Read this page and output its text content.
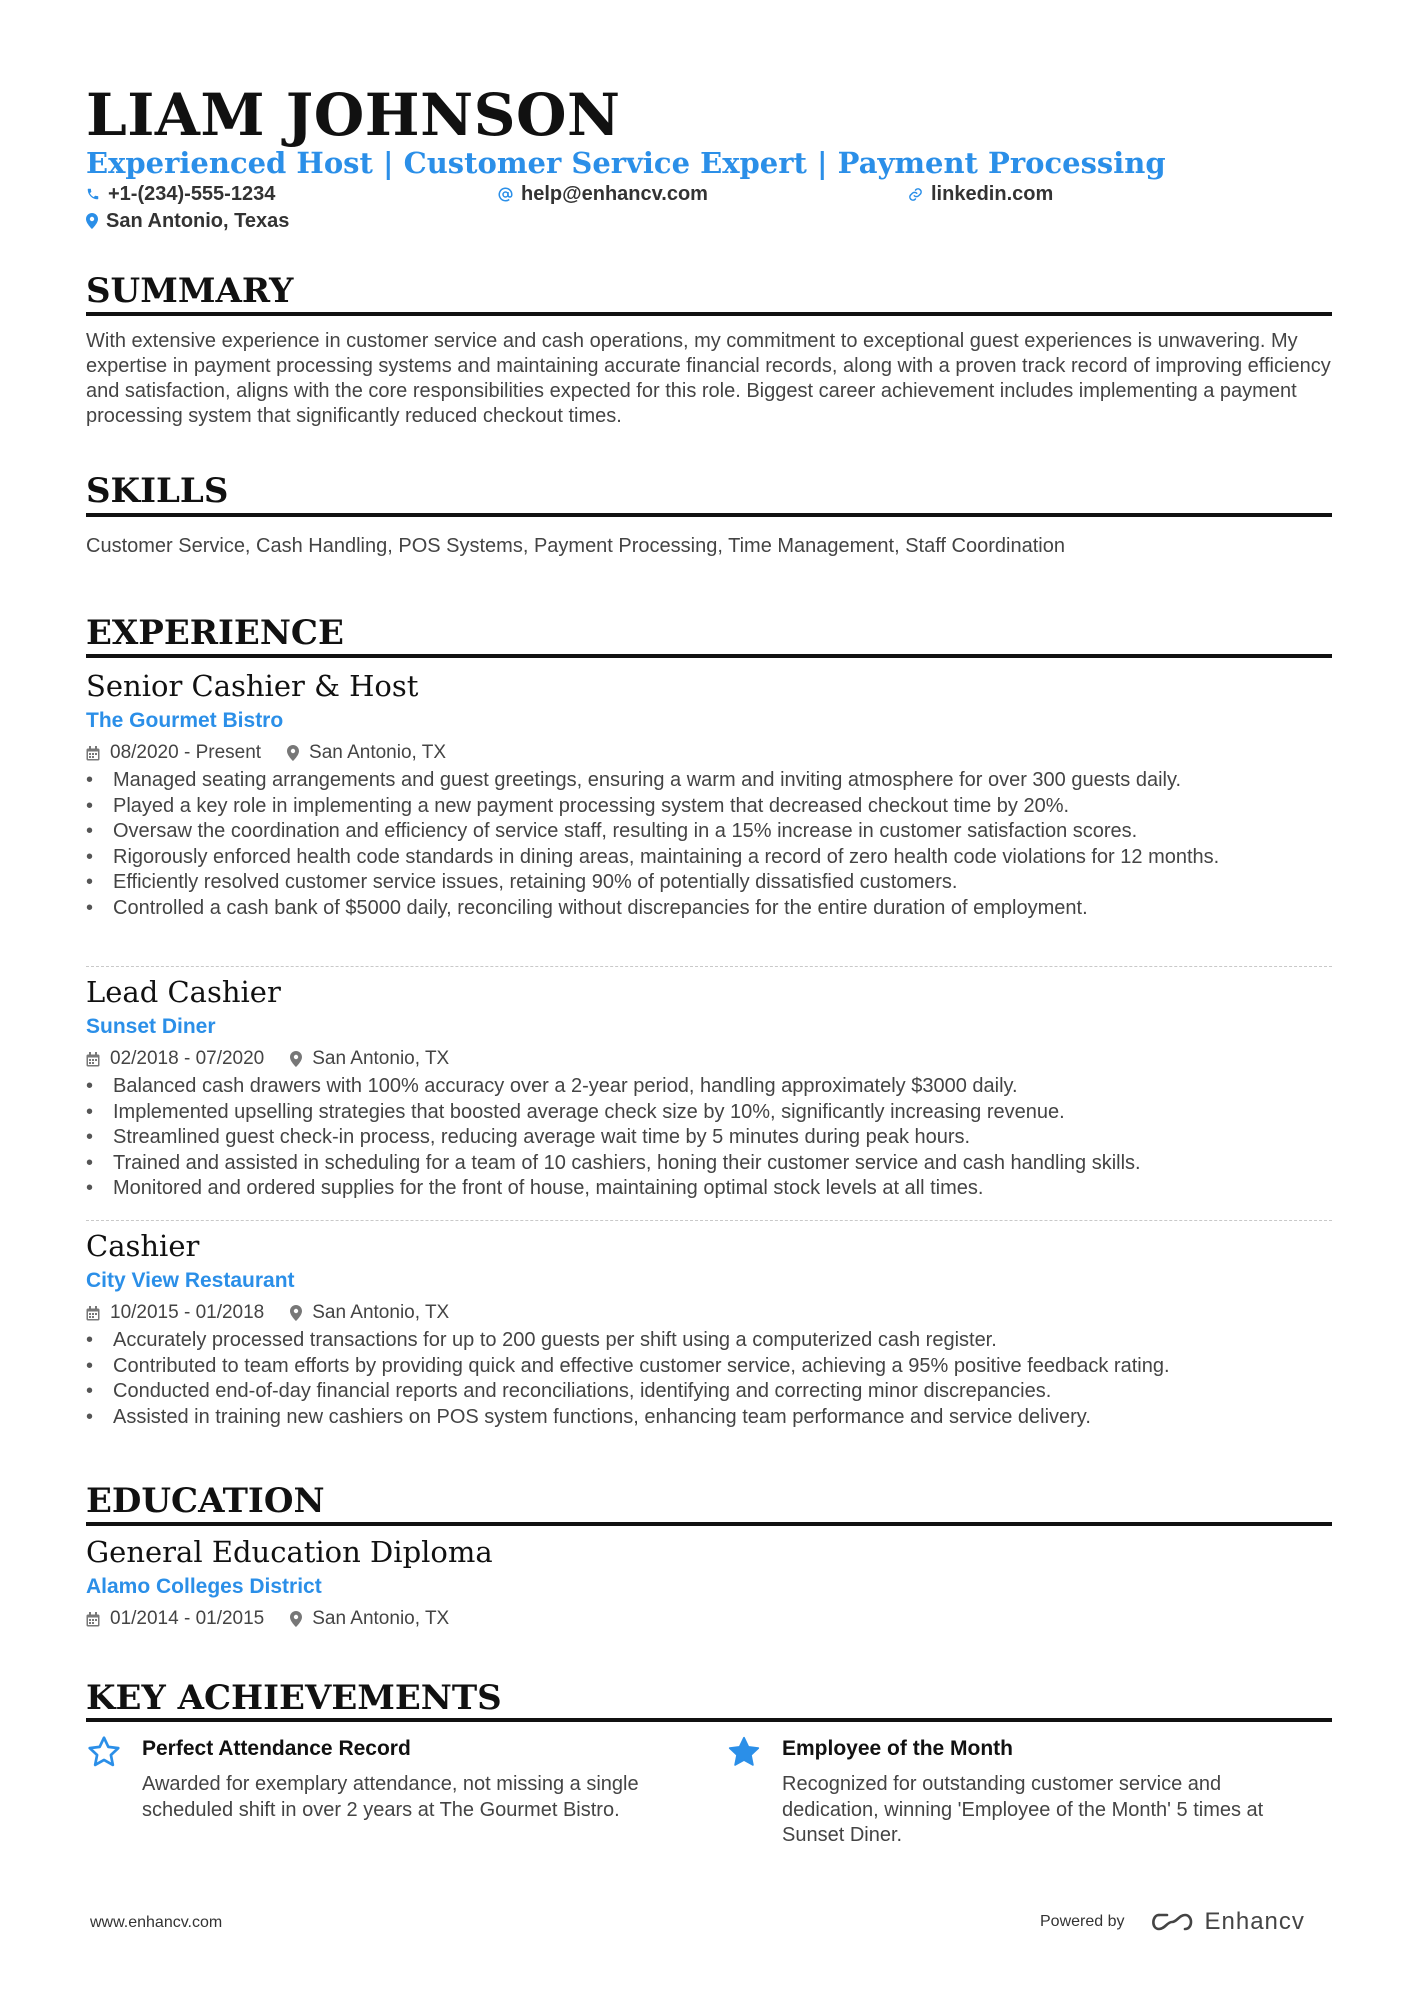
LIAM JOHNSON
Experienced Host | Customer Service Expert | Payment Processing
+1-(234)-555-1234	help@enhancv.com	linkedin.com
San Antonio, Texas
SUMMARY
With extensive experience in customer service and cash operations, my commitment to exceptional guest experiences is unwavering. My expertise in payment processing systems and maintaining accurate financial records, along with a proven track record of improving efficiency and satisfaction, aligns with the core responsibilities expected for this role. Biggest career achievement includes implementing a payment processing system that significantly reduced checkout times.
SKILLS
Customer Service, Cash Handling, POS Systems, Payment Processing, Time Management, Staff Coordination
EXPERIENCE
Senior Cashier & Host
The Gourmet Bistro
08/2020 - Present	San Antonio, TX
• Managed seating arrangements and guest greetings, ensuring a warm and inviting atmosphere for over 300 guests daily.
• Played a key role in implementing a new payment processing system that decreased checkout time by 20%.
• Oversaw the coordination and efficiency of service staff, resulting in a 15% increase in customer satisfaction scores.
• Rigorously enforced health code standards in dining areas, maintaining a record of zero health code violations for 12 months.
• Efficiently resolved customer service issues, retaining 90% of potentially dissatisfied customers.
• Controlled a cash bank of $5000 daily, reconciling without discrepancies for the entire duration of employment.
Lead Cashier
Sunset Diner
02/2018 - 07/2020	San Antonio, TX
• Balanced cash drawers with 100% accuracy over a 2-year period, handling approximately $3000 daily.
• Implemented upselling strategies that boosted average check size by 10%, significantly increasing revenue.
• Streamlined guest check-in process, reducing average wait time by 5 minutes during peak hours.
• Trained and assisted in scheduling for a team of 10 cashiers, honing their customer service and cash handling skills.
• Monitored and ordered supplies for the front of house, maintaining optimal stock levels at all times.
Cashier
City View Restaurant
10/2015 - 01/2018	San Antonio, TX
• Accurately processed transactions for up to 200 guests per shift using a computerized cash register.
• Contributed to team efforts by providing quick and effective customer service, achieving a 95% positive feedback rating.
• Conducted end-of-day financial reports and reconciliations, identifying and correcting minor discrepancies.
• Assisted in training new cashiers on POS system functions, enhancing team performance and service delivery.
EDUCATION
General Education Diploma
Alamo Colleges District
01/2014 - 01/2015	San Antonio, TX
KEY ACHIEVEMENTS
Perfect Attendance Record
Awarded for exemplary attendance, not missing a single scheduled shift in over 2 years at The Gourmet Bistro.
Employee of the Month
Recognized for outstanding customer service and dedication, winning 'Employee of the Month' 5 times at Sunset Diner.
www.enhancv.com	Powered by	Enhancv
